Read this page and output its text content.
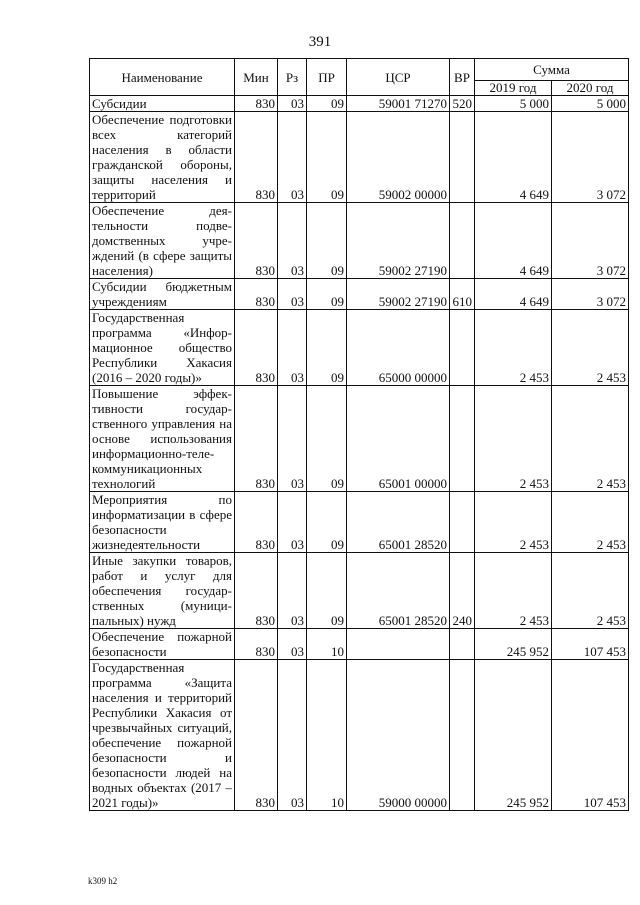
391
Наименование	Мин	Рз	ПР	ЦСР	ВР	Сумма	
						2019 год	2020 год
Субсидии	830	03	09	59001 71270	520	5 000	5 000
Обеспечение подготовки всех категорий населения в области гражданской обороны, защиты населения и территорий	830	03	09	59002 00000		4 649	3 072
Обеспечение деятельности подведомственных учреждений (в сфере защиты населения)	830	03	09	59002 27190		4 649	3 072
Субсидии бюджетным учреждениям	830	03	09	59002 27190	610	4 649	3 072
Государственная программа «Информационное общество Республики Хакасия (2016 – 2020 годы)»	830	03	09	65000 00000		2 453	2 453
Повышение эффективности государственного управления на основе использования информационно-телекоммуникационных технологий	830	03	09	65001 00000		2 453	2 453
Мероприятия по информатизации в сфере безопасности жизнедеятельности	830	03	09	65001 28520		2 453	2 453
Иные закупки товаров, работ и услуг для обеспечения государственных (муниципальных) нужд	830	03	09	65001 28520	240	2 453	2 453
Обеспечение пожарной безопасности	830	03	10			245 952	107 453
Государственная программа «Защита населения и территорий Республики Хакасия от чрезвычайных ситуаций, обеспечение пожарной безопасности и безопасности людей на водных объектах (2017 – 2021 годы)»	830	03	10	59000 00000		245 952	107 453
k309 h2
